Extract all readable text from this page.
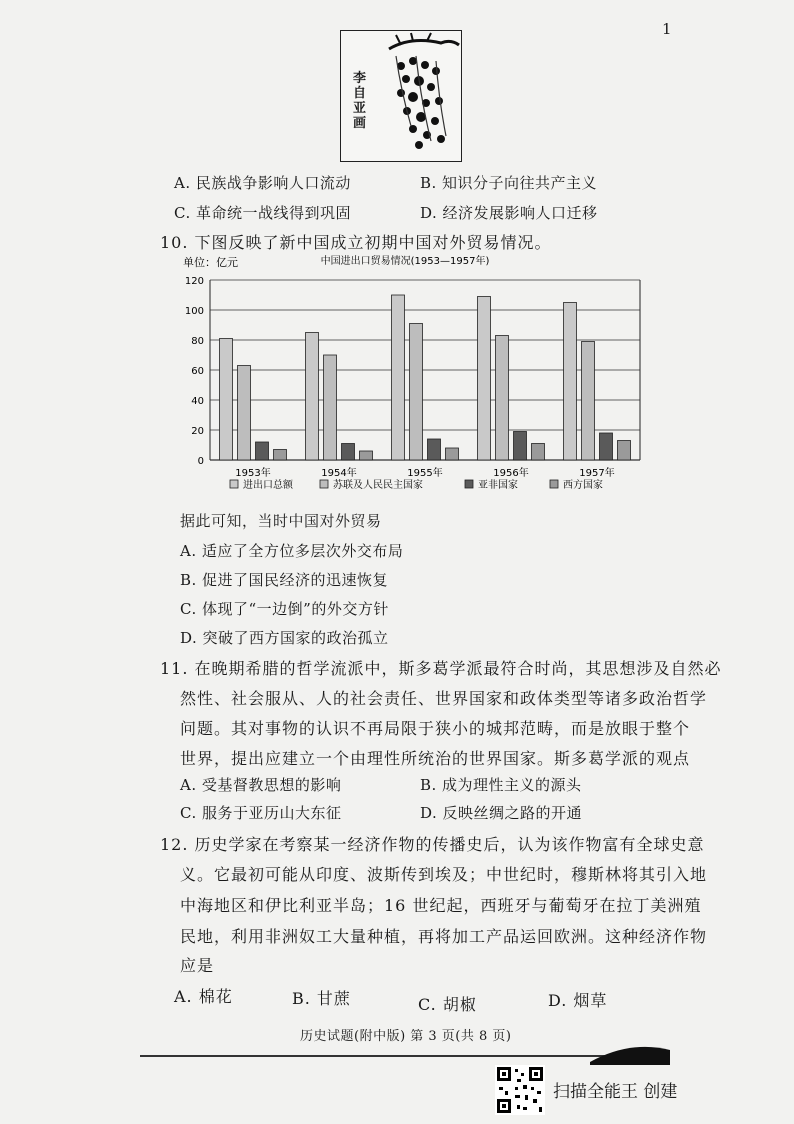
1
李
自
亚
画
A. 民族战争影响人口流动	B. 知识分子向往共产主义
C. 革命统一战线得到巩固	D. 经济发展影响人口迁移
10. 下图反映了新中国成立初期中国对外贸易情况。
单位：亿元	中国进出口贸易情况(1953—1957年)
0
20
40
60
80
100
120
1953年	1954年	1955年	1956年	1957年
进出口总额	苏联及人民民主国家	亚非国家	西方国家
据此可知，当时中国对外贸易
A. 适应了全方位多层次外交布局
B. 促进了国民经济的迅速恢复
C. 体现了“一边倒”的外交方针
D. 突破了西方国家的政治孤立
11. 在晚期希腊的哲学流派中，斯多葛学派最符合时尚，其思想涉及自然必
然性、社会服从、人的社会责任、世界国家和政体类型等诸多政治哲学
问题。其对事物的认识不再局限于狭小的城邦范畴，而是放眼于整个
世界，提出应建立一个由理性所统治的世界国家。斯多葛学派的观点
A. 受基督教思想的影响	B. 成为理性主义的源头
C. 服务于亚历山大东征	D. 反映丝绸之路的开通
12. 历史学家在考察某一经济作物的传播史后，认为该作物富有全球史意
义。它最初可能从印度、波斯传到埃及；中世纪时，穆斯林将其引入地
中海地区和伊比利亚半岛；16 世纪起，西班牙与葡萄牙在拉丁美洲殖
民地，利用非洲奴工大量种植，再将加工产品运回欧洲。这种经济作物
应是
A. 棉花	B. 甘蔗	C. 胡椒	D. 烟草
历史试题(附中版) 第 3 页(共 8 页)
扫描全能王 创建
